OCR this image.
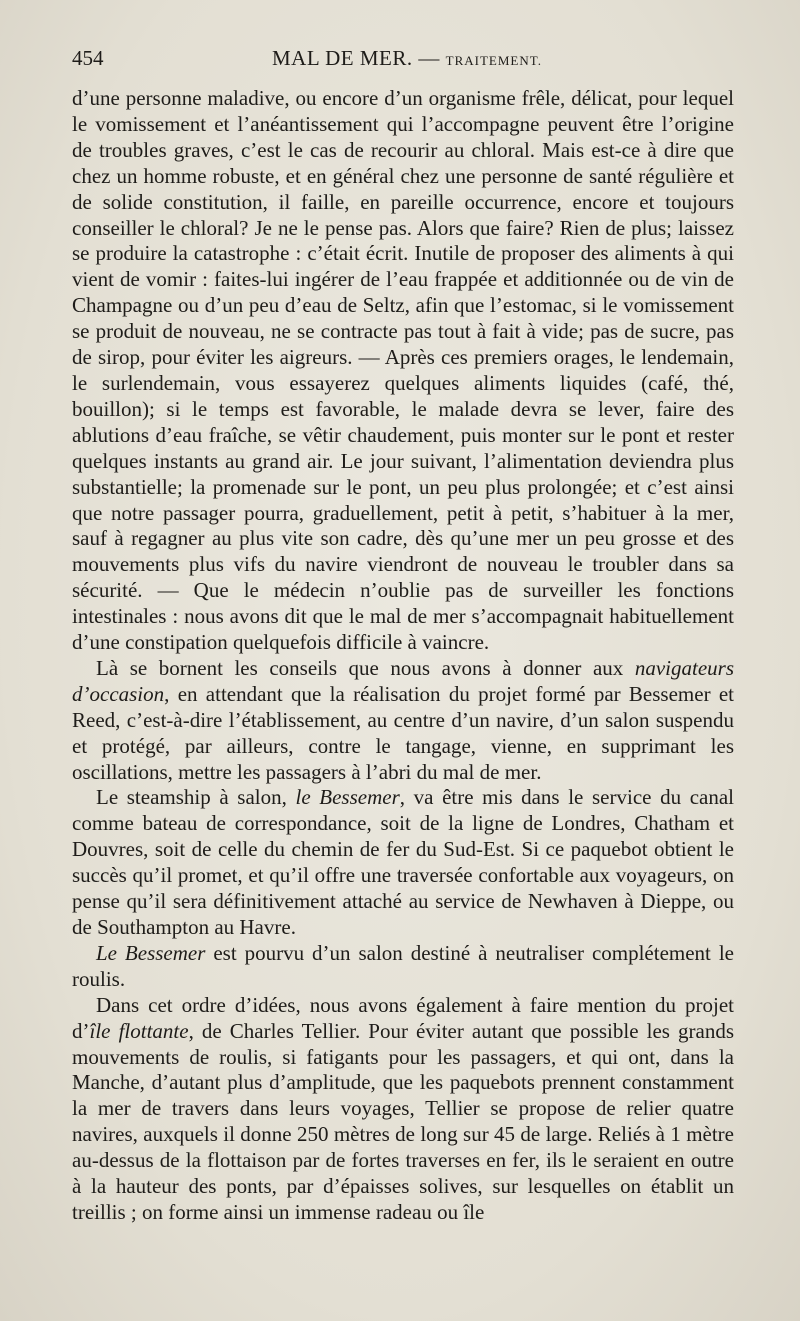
454	MAL DE MER. — TRAITEMENT.

d’une personne maladive, ou encore d’un organisme frêle, délicat, pour lequel le vomissement et l’anéantissement qui l’accompagne peuvent être l’origine de troubles graves, c’est le cas de recourir au chloral. Mais est-ce à dire que chez un homme robuste, et en général chez une personne de santé régulière et de solide constitution, il faille, en pareille occurrence, encore et toujours conseiller le chloral? Je ne le pense pas. Alors que faire? Rien de plus; laissez se produire la catastrophe : c’était écrit. Inutile de proposer des aliments à qui vient de vomir : faites-lui ingérer de l’eau frappée et additionnée ou de vin de Champagne ou d’un peu d’eau de Seltz, afin que l’estomac, si le vomissement se produit de nouveau, ne se contracte pas tout à fait à vide; pas de sucre, pas de sirop, pour éviter les aigreurs. — Après ces premiers orages, le lendemain, le surlendemain, vous essayerez quelques aliments liquides (café, thé, bouillon); si le temps est favorable, le malade devra se lever, faire des ablutions d’eau fraîche, se vêtir chaudement, puis monter sur le pont et rester quelques instants au grand air. Le jour suivant, l’alimentation deviendra plus substantielle; la promenade sur le pont, un peu plus prolongée; et c’est ainsi que notre passager pourra, graduellement, petit à petit, s’habituer à la mer, sauf à regagner au plus vite son cadre, dès qu’une mer un peu grosse et des mouvements plus vifs du navire viendront de nouveau le troubler dans sa sécurité. — Que le médecin n’oublie pas de surveiller les fonctions intestinales : nous avons dit que le mal de mer s’accompagnait habituellement d’une constipation quelquefois difficile à vaincre.

Là se bornent les conseils que nous avons à donner aux navigateurs d’occasion, en attendant que la réalisation du projet formé par Bessemer et Reed, c’est-à-dire l’établissement, au centre d’un navire, d’un salon suspendu et protégé, par ailleurs, contre le tangage, vienne, en supprimant les oscillations, mettre les passagers à l’abri du mal de mer.

Le steamship à salon, le Bessemer, va être mis dans le service du canal comme bateau de correspondance, soit de la ligne de Londres, Chatham et Douvres, soit de celle du chemin de fer du Sud-Est. Si ce paquebot obtient le succès qu’il promet, et qu’il offre une traversée confortable aux voyageurs, on pense qu’il sera définitivement attaché au service de Newhaven à Dieppe, ou de Southampton au Havre.

Le Bessemer est pourvu d’un salon destiné à neutraliser complétement le roulis.

Dans cet ordre d’idées, nous avons également à faire mention du projet d’île flottante, de Charles Tellier. Pour éviter autant que possible les grands mouvements de roulis, si fatigants pour les passagers, et qui ont, dans la Manche, d’autant plus d’amplitude, que les paquebots prennent constamment la mer de travers dans leurs voyages, Tellier se propose de relier quatre navires, auxquels il donne 250 mètres de long sur 45 de large. Reliés à 1 mètre au-dessus de la flottaison par de fortes traverses en fer, ils le seraient en outre à la hauteur des ponts, par d’épaisses solives, sur lesquelles on établit un treillis ; on forme ainsi un immense radeau ou île
